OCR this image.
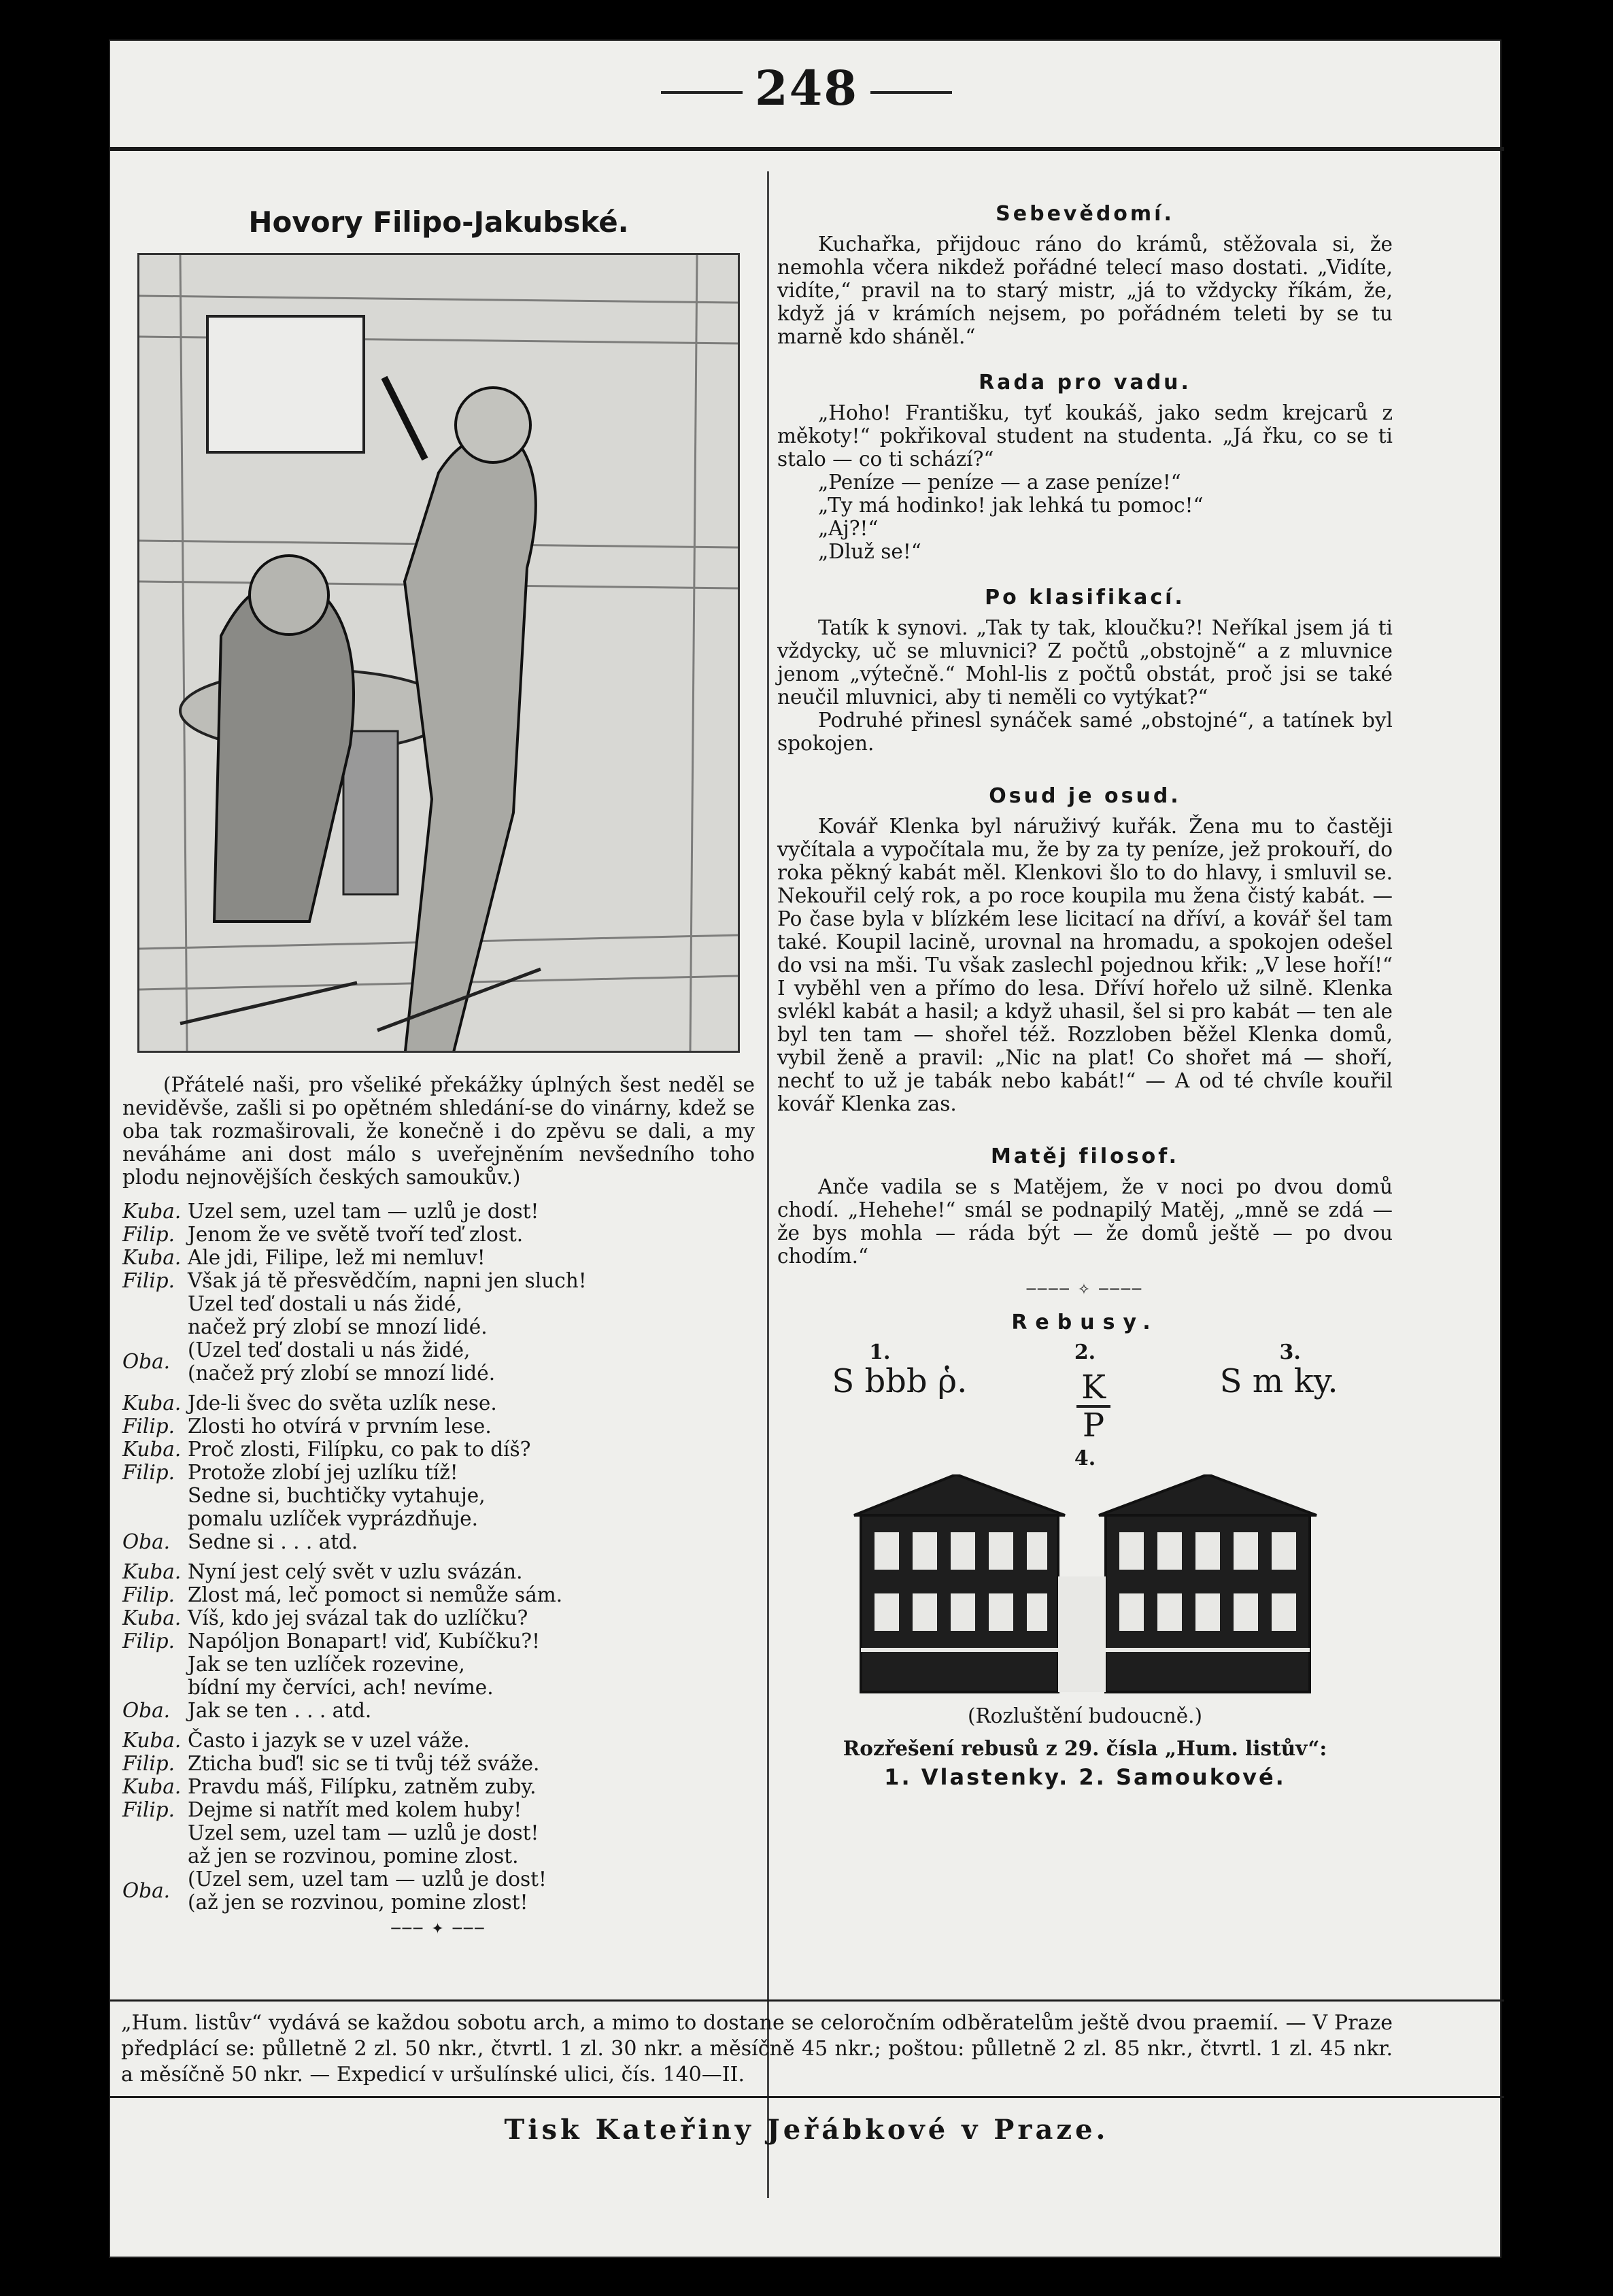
248
Hovory Filipo-Jakubské.

(Přátelé naši, pro všeliké překážky úplných šest neděl se neviděvše, zašli si po opětném shledání-se do vinárny, kdež se oba tak rozmaširovali, že konečně i do zpěvu se dali, a my neváháme ani dost málo s uveřejněním nevšedního toho plodu nejnovějších českých samoukův.)

Kuba. Uzel sem, uzel tam — uzlů je dost!
Filip. Jenom že ve světě tvoří teď zlost.
Kuba. Ale jdi, Filipe, lež mi nemluv!
Filip. Však já tě přesvědčím, napni jen sluch!
Uzel teď dostali u nás židé,
načež prý zlobí se mnozí lidé.
Oba. (Uzel teď dostali u nás židé,
(načež prý zlobí se mnozí lidé.
Kuba. Jde-li švec do světa uzlík nese.
Filip. Zlosti ho otvírá v prvním lese.
Kuba. Proč zlosti, Filípku, co pak to díš?
Filip. Protože zlobí jej uzlíku tíž!
Sedne si, buchtičky vytahuje,
pomalu uzlíček vyprázdňuje.
Oba. Sedne si . . . atd.
Kuba. Nyní jest celý svět v uzlu svázán.
Filip. Zlost má, leč pomoct si nemůže sám.
Kuba. Víš, kdo jej svázal tak do uzlíčku?
Filip. Napóljon Bonapart! viď, Kubíčku?!
Jak se ten uzlíček rozevine,
bídní my červíci, ach! nevíme.
Oba. Jak se ten . . . atd.
Kuba. Často i jazyk se v uzel váže.
Filip. Zticha buď! sic se ti tvůj též sváže.
Kuba. Pravdu máš, Filípku, zatněm zuby.
Filip. Dejme si natřít med kolem huby!
Uzel sem, uzel tam — uzlů je dost!
až jen se rozvinou, pomine zlost.
Oba. (Uzel sem, uzel tam — uzlů je dost!
(až jen se rozvinou, pomine zlost!
─── ✦ ───
Sebevědomí.

Kuchařka, přijdouc ráno do krámů, stěžovala si, že nemohla včera nikdež pořádné telecí maso dostati. „Vidíte, vidíte,“ pravil na to starý mistr, „já to vždycky říkám, že, když já v krámích nejsem, po pořádném teleti by se tu marně kdo sháněl.“

Rada pro vadu.

„Hoho! Františku, tyť koukáš, jako sedm krejcarů z měkoty!“ pokřikoval student na studenta. „Já řku, co se ti stalo — co ti schází?“

„Peníze — peníze — a zase peníze!“

„Ty má hodinko! jak lehká tu pomoc!“

„Aj?!“

„Dluž se!“

Po klasifikací.

Tatík k synovi. „Tak ty tak, kloučku?! Neříkal jsem já ti vždycky, uč se mluvnici? Z počtů „obstojně“ a z mluvnice jenom „výtečně.“ Mohl-lis z počtů obstát, proč jsi se také neučil mluvnici, aby ti neměli co vytýkat?“

Podruhé přinesl synáček samé „obstojné“, a tatínek byl spokojen.

Osud je osud.

Kovář Klenka byl náruživý kuřák. Žena mu to častěji vyčítala a vypočítala mu, že by za ty peníze, jež prokouří, do roka pěkný kabát měl. Klenkovi šlo to do hlavy, i smluvil se. Nekouřil celý rok, a po roce koupila mu žena čistý kabát. — Po čase byla v blízkém lese licitací na dříví, a kovář šel tam také. Koupil lacině, urovnal na hromadu, a spokojen odešel do vsi na mši. Tu však zaslechl pojednou křik: „V lese hoří!“ I vyběhl ven a přímo do lesa. Dříví hořelo už silně. Klenka svlékl kabát a hasil; a když uhasil, šel si pro kabát — ten ale byl ten tam — shořel též. Rozzloben běžel Klenka domů, vybil ženě a pravil: „Nic na plat! Co shořet má — shoří, nechť to už je tabák nebo kabát!“ — A od té chvíle kouřil kovář Klenka zas.

Matěj filosof.

Anče vadila se s Matějem, že v noci po dvou domů chodí. „Hehehe!“ smál se podnapilý Matěj, „mně se zdá — že bys mohla — ráda být — že domů ještě — po dvou chodím.“

──── ✧ ────
Rebusy.
1.	2.	3.
S bbb ῥ.	K
P
S m ky.
4.
(Rozluštění budoucně.)
Rozřešení rebusů z 29. čísla „Hum. listův“:
1. Vlastenky. 2. Samoukové.
„Hum. listův“ vydává se každou sobotu arch, a mimo to dostane se celoročním odběratelům ještě dvou praemií. — V Praze předplácí se: půlletně 2 zl. 50 nkr., čtvrtl. 1 zl. 30 nkr. a měsíčně 45 nkr.; poštou: půlletně 2 zl. 85 nkr., čtvrtl. 1 zl. 45 nkr. a měsíčně 50 nkr. — Expedicí v uršulínské ulici, čís. 140—II.
Tisk Kateřiny Jeřábkové v Praze.
